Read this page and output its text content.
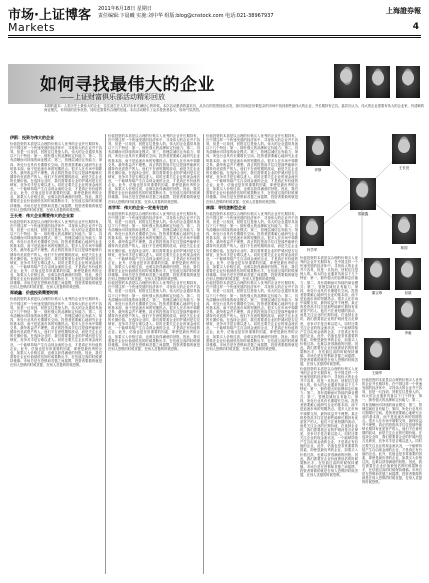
市场·上证博客
Markets
2011年6月18日 星期日
责任编辑:卞晨曦 实施:刘中华 组版:blog@cnstock.com 电话:021-38967937
上海證券報
4
如何寻找最伟大的企业
——上证财富俱乐部活动精彩回放
本期的嘉宾：人类历史上最伟大的企业，往往诞生在人类对未来充满信心的时候。本次活动邀请的嘉宾们，从各自的投资经验出发，探讨如何在纷繁复杂的市场中找到那些最伟大的企业，并长期持有它们。嘉宾们认为，伟大的企业需要有伟大的企业家，有清晰的商业模式，有持续的竞争优势，同时还需要有合理的估值。本次活动吸引了众多投资者参与，现场气氛热烈。
伊斯：投资与伟大的企业
价值投资的本质是以合理的价格买入优秀的企业并长期持有。在中国这样一个快速发展的经济体中，寻找伟大的企业并不容易，但是一旦找到，回报往往是惊人的。伟大的企业通常具备以下几个特征：第一，拥有强大的品牌和定价能力；第二，具有清晰而可持续的商业模式；第三，管理层诚信且有能力；第四，所处行业具有长期增长空间。投资者需要耐心地研究企业的基本面，而不是追逐市场的短期热点。很多人在市场中频繁交易，最终收益并不理想。真正的投资高手往往是那些能够长期持有优质资产的人。他们不在意短期的波动，而是关注企业的长期价值。在选择企业时，我们需要看企业的护城河是否足够宽，竞争对手是否难以进入。同时还要关注企业的现金流状况，一个能够持续产生自由现金流的企业，才是真正有价值的企业。此外，估值也是非常重要的因素，即使是最优秀的企业，如果买入价格过高，也难以获得满意的回报。因此，我们需要在企业价值被低估的时候果断出手，在估值过高的时候保持谨慎。市场总是在恐惧和贪婪之间摇摆，投资者要做的就是在别人恐惧的时候贪婪，在别人贪婪的时候恐惧。
王长亮：伟大企业需要伟大的企业家
价值投资的本质是以合理的价格买入优秀的企业并长期持有。在中国这样一个快速发展的经济体中，寻找伟大的企业并不容易，但是一旦找到，回报往往是惊人的。伟大的企业通常具备以下几个特征：第一，拥有强大的品牌和定价能力；第二，具有清晰而可持续的商业模式；第三，管理层诚信且有能力；第四，所处行业具有长期增长空间。投资者需要耐心地研究企业的基本面，而不是追逐市场的短期热点。很多人在市场中频繁交易，最终收益并不理想。真正的投资高手往往是那些能够长期持有优质资产的人。他们不在意短期的波动，而是关注企业的长期价值。在选择企业时，我们需要看企业的护城河是否足够宽，竞争对手是否难以进入。同时还要关注企业的现金流状况，一个能够持续产生自由现金流的企业，才是真正有价值的企业。此外，估值也是非常重要的因素，即使是最优秀的企业，如果买入价格过高，也难以获得满意的回报。因此，我们需要在企业价值被低估的时候果断出手，在估值过高的时候保持谨慎。市场总是在恐惧和贪婪之间摇摆，投资者要做的就是在别人恐惧的时候贪婪，在别人贪婪的时候恐惧。
郑晓鑫：价值投资需要时间
价值投资的本质是以合理的价格买入优秀的企业并长期持有。在中国这样一个快速发展的经济体中，寻找伟大的企业并不容易，但是一旦找到，回报往往是惊人的。伟大的企业通常具备以下几个特征：第一，拥有强大的品牌和定价能力；第二，具有清晰而可持续的商业模式；第三，管理层诚信且有能力；第四，所处行业具有长期增长空间。投资者需要耐心地研究企业的基本面，而不是追逐市场的短期热点。很多人在市场中频繁交易，最终收益并不理想。真正的投资高手往往是那些能够长期持有优质资产的人。他们不在意短期的波动，而是关注企业的长期价值。在选择企业时，我们需要看企业的护城河是否足够宽，竞争对手是否难以进入。同时还要关注企业的现金流状况，一个能够持续产生自由现金流的企业，才是真正有价值的企业。此外，估值也是非常重要的因素，即使是最优秀的企业，如果买入价格过高，也难以获得满意的回报。因此，我们需要在企业价值被低估的时候果断出手，在估值过高的时候保持谨慎。市场总是在恐惧和贪婪之间摇摆，投资者要做的就是在别人恐惧的时候贪婪，在别人贪婪的时候恐惧。
价值投资的本质是以合理的价格买入优秀的企业并长期持有。在中国这样一个快速发展的经济体中，寻找伟大的企业并不容易，但是一旦找到，回报往往是惊人的。伟大的企业通常具备以下几个特征：第一，拥有强大的品牌和定价能力；第二，具有清晰而可持续的商业模式；第三，管理层诚信且有能力；第四，所处行业具有长期增长空间。投资者需要耐心地研究企业的基本面，而不是追逐市场的短期热点。很多人在市场中频繁交易，最终收益并不理想。真正的投资高手往往是那些能够长期持有优质资产的人。他们不在意短期的波动，而是关注企业的长期价值。在选择企业时，我们需要看企业的护城河是否足够宽，竞争对手是否难以进入。同时还要关注企业的现金流状况，一个能够持续产生自由现金流的企业，才是真正有价值的企业。此外，估值也是非常重要的因素，即使是最优秀的企业，如果买入价格过高，也难以获得满意的回报。因此，我们需要在企业价值被低估的时候果断出手，在估值过高的时候保持谨慎。市场总是在恐惧和贪婪之间摇摆，投资者要做的就是在别人恐惧的时候贪婪，在别人贪婪的时候恐惧。
肖学军：伟大的企业一定是专注的
价值投资的本质是以合理的价格买入优秀的企业并长期持有。在中国这样一个快速发展的经济体中，寻找伟大的企业并不容易，但是一旦找到，回报往往是惊人的。伟大的企业通常具备以下几个特征：第一，拥有强大的品牌和定价能力；第二，具有清晰而可持续的商业模式；第三，管理层诚信且有能力；第四，所处行业具有长期增长空间。投资者需要耐心地研究企业的基本面，而不是追逐市场的短期热点。很多人在市场中频繁交易，最终收益并不理想。真正的投资高手往往是那些能够长期持有优质资产的人。他们不在意短期的波动，而是关注企业的长期价值。在选择企业时，我们需要看企业的护城河是否足够宽，竞争对手是否难以进入。同时还要关注企业的现金流状况，一个能够持续产生自由现金流的企业，才是真正有价值的企业。此外，估值也是非常重要的因素，即使是最优秀的企业，如果买入价格过高，也难以获得满意的回报。因此，我们需要在企业价值被低估的时候果断出手，在估值过高的时候保持谨慎。市场总是在恐惧和贪婪之间摇摆，投资者要做的就是在别人恐惧的时候贪婪，在别人贪婪的时候恐惧。
价值投资的本质是以合理的价格买入优秀的企业并长期持有。在中国这样一个快速发展的经济体中，寻找伟大的企业并不容易，但是一旦找到，回报往往是惊人的。伟大的企业通常具备以下几个特征：第一，拥有强大的品牌和定价能力；第二，具有清晰而可持续的商业模式；第三，管理层诚信且有能力；第四，所处行业具有长期增长空间。投资者需要耐心地研究企业的基本面，而不是追逐市场的短期热点。很多人在市场中频繁交易，最终收益并不理想。真正的投资高手往往是那些能够长期持有优质资产的人。他们不在意短期的波动，而是关注企业的长期价值。在选择企业时，我们需要看企业的护城河是否足够宽，竞争对手是否难以进入。同时还要关注企业的现金流状况，一个能够持续产生自由现金流的企业，才是真正有价值的企业。此外，估值也是非常重要的因素，即使是最优秀的企业，如果买入价格过高，也难以获得满意的回报。因此，我们需要在企业价值被低估的时候果断出手，在估值过高的时候保持谨慎。市场总是在恐惧和贪婪之间摇摆，投资者要做的就是在别人恐惧的时候贪婪，在别人贪婪的时候恐惧。
价值投资的本质是以合理的价格买入优秀的企业并长期持有。在中国这样一个快速发展的经济体中，寻找伟大的企业并不容易，但是一旦找到，回报往往是惊人的。伟大的企业通常具备以下几个特征：第一，拥有强大的品牌和定价能力；第二，具有清晰而可持续的商业模式；第三，管理层诚信且有能力；第四，所处行业具有长期增长空间。投资者需要耐心地研究企业的基本面，而不是追逐市场的短期热点。很多人在市场中频繁交易，最终收益并不理想。真正的投资高手往往是那些能够长期持有优质资产的人。他们不在意短期的波动，而是关注企业的长期价值。在选择企业时，我们需要看企业的护城河是否足够宽，竞争对手是否难以进入。同时还要关注企业的现金流状况，一个能够持续产生自由现金流的企业，才是真正有价值的企业。此外，估值也是非常重要的因素，即使是最优秀的企业，如果买入价格过高，也难以获得满意的回报。因此，我们需要在企业价值被低估的时候果断出手，在估值过高的时候保持谨慎。市场总是在恐惧和贪婪之间摇摆，投资者要做的就是在别人恐惧的时候贪婪，在别人贪婪的时候恐惧。
林园：寻找垄断型企业
价值投资的本质是以合理的价格买入优秀的企业并长期持有。在中国这样一个快速发展的经济体中，寻找伟大的企业并不容易，但是一旦找到，回报往往是惊人的。伟大的企业通常具备以下几个特征：第一，拥有强大的品牌和定价能力；第二，具有清晰而可持续的商业模式；第三，管理层诚信且有能力；第四，所处行业具有长期增长空间。投资者需要耐心地研究企业的基本面，而不是追逐市场的短期热点。很多人在市场中频繁交易，最终收益并不理想。真正的投资高手往往是那些能够长期持有优质资产的人。他们不在意短期的波动，而是关注企业的长期价值。在选择企业时，我们需要看企业的护城河是否足够宽，竞争对手是否难以进入。同时还要关注企业的现金流状况，一个能够持续产生自由现金流的企业，才是真正有价值的企业。此外，估值也是非常重要的因素，即使是最优秀的企业，如果买入价格过高，也难以获得满意的回报。因此，我们需要在企业价值被低估的时候果断出手，在估值过高的时候保持谨慎。市场总是在恐惧和贪婪之间摇摆，投资者要做的就是在别人恐惧的时候贪婪，在别人贪婪的时候恐惧。
价值投资的本质是以合理的价格买入优秀的企业并长期持有。在中国这样一个快速发展的经济体中，寻找伟大的企业并不容易，但是一旦找到，回报往往是惊人的。伟大的企业通常具备以下几个特征：第一，拥有强大的品牌和定价能力；第二，具有清晰而可持续的商业模式；第三，管理层诚信且有能力；第四，所处行业具有长期增长空间。投资者需要耐心地研究企业的基本面，而不是追逐市场的短期热点。很多人在市场中频繁交易，最终收益并不理想。真正的投资高手往往是那些能够长期持有优质资产的人。他们不在意短期的波动，而是关注企业的长期价值。在选择企业时，我们需要看企业的护城河是否足够宽，竞争对手是否难以进入。同时还要关注企业的现金流状况，一个能够持续产生自由现金流的企业，才是真正有价值的企业。此外，估值也是非常重要的因素，即使是最优秀的企业，如果买入价格过高，也难以获得满意的回报。因此，我们需要在企业价值被低估的时候果断出手，在估值过高的时候保持谨慎。市场总是在恐惧和贪婪之间摇摆，投资者要做的就是在别人恐惧的时候贪婪，在别人贪婪的时候恐惧。
伊斯	王长亮
郑晓鑫
肖学军	林园
价值投资的本质是以合理的价格买入优秀的企业并长期持有。在中国这样一个快速发展的经济体中，寻找伟大的企业并不容易，但是一旦找到，回报往往是惊人的。伟大的企业通常具备以下几个特征：第一，拥有强大的品牌和定价能力；第二，具有清晰而可持续的商业模式；第三，管理层诚信且有能力；第四，所处行业具有长期增长空间。投资者需要耐心地研究企业的基本面，而不是追逐市场的短期热点。很多人在市场中频繁交易，最终收益并不理想。真正的投资高手往往是那些能够长期持有优质资产的人。他们不在意短期的波动，而是关注企业的长期价值。在选择企业时，我们需要看企业的护城河是否足够宽，竞争对手是否难以进入。同时还要关注企业的现金流状况，一个能够持续产生自由现金流的企业，才是真正有价值的企业。此外，估值也是非常重要的因素，即使是最优秀的企业，如果买入价格过高，也难以获得满意的回报。因此，我们需要在企业价值被低估的时候果断出手，在估值过高的时候保持谨慎。市场总是在恐惧和贪婪之间摇摆，投资者要做的就是在别人恐惧的时候贪婪，在别人贪婪的时候恐惧。
价值投资的本质是以合理的价格买入优秀的企业并长期持有。在中国这样一个快速发展的经济体中，寻找伟大的企业并不容易，但是一旦找到，回报往往是惊人的。伟大的企业通常具备以下几个特征：第一，拥有强大的品牌和定价能力；第二，具有清晰而可持续的商业模式；第三，管理层诚信且有能力；第四，所处行业具有长期增长空间。投资者需要耐心地研究企业的基本面，而不是追逐市场的短期热点。很多人在市场中频繁交易，最终收益并不理想。真正的投资高手往往是那些能够长期持有优质资产的人。他们不在意短期的波动，而是关注企业的长期价值。在选择企业时，我们需要看企业的护城河是否足够宽，竞争对手是否难以进入。同时还要关注企业的现金流状况，一个能够持续产生自由现金流的企业，才是真正有价值的企业。此外，估值也是非常重要的因素，即使是最优秀的企业，如果买入价格过高，也难以获得满意的回报。因此，我们需要在企业价值被低估的时候果断出手，在估值过高的时候保持谨慎。市场总是在恐惧和贪婪之间摇摆，投资者要做的就是在别人恐惧的时候贪婪，在别人贪婪的时候恐惧。
董宝珍	但斌
李驰
王晓军
价值投资的本质是以合理的价格买入优秀的企业并长期持有。在中国这样一个快速发展的经济体中，寻找伟大的企业并不容易，但是一旦找到，回报往往是惊人的。伟大的企业通常具备以下几个特征：第一，拥有强大的品牌和定价能力；第二，具有清晰而可持续的商业模式；第三，管理层诚信且有能力；第四，所处行业具有长期增长空间。投资者需要耐心地研究企业的基本面，而不是追逐市场的短期热点。很多人在市场中频繁交易，最终收益并不理想。真正的投资高手往往是那些能够长期持有优质资产的人。他们不在意短期的波动，而是关注企业的长期价值。在选择企业时，我们需要看企业的护城河是否足够宽，竞争对手是否难以进入。同时还要关注企业的现金流状况，一个能够持续产生自由现金流的企业，才是真正有价值的企业。此外，估值也是非常重要的因素，即使是最优秀的企业，如果买入价格过高，也难以获得满意的回报。因此，我们需要在企业价值被低估的时候果断出手，在估值过高的时候保持谨慎。市场总是在恐惧和贪婪之间摇摆，投资者要做的就是在别人恐惧的时候贪婪，在别人贪婪的时候恐惧。
